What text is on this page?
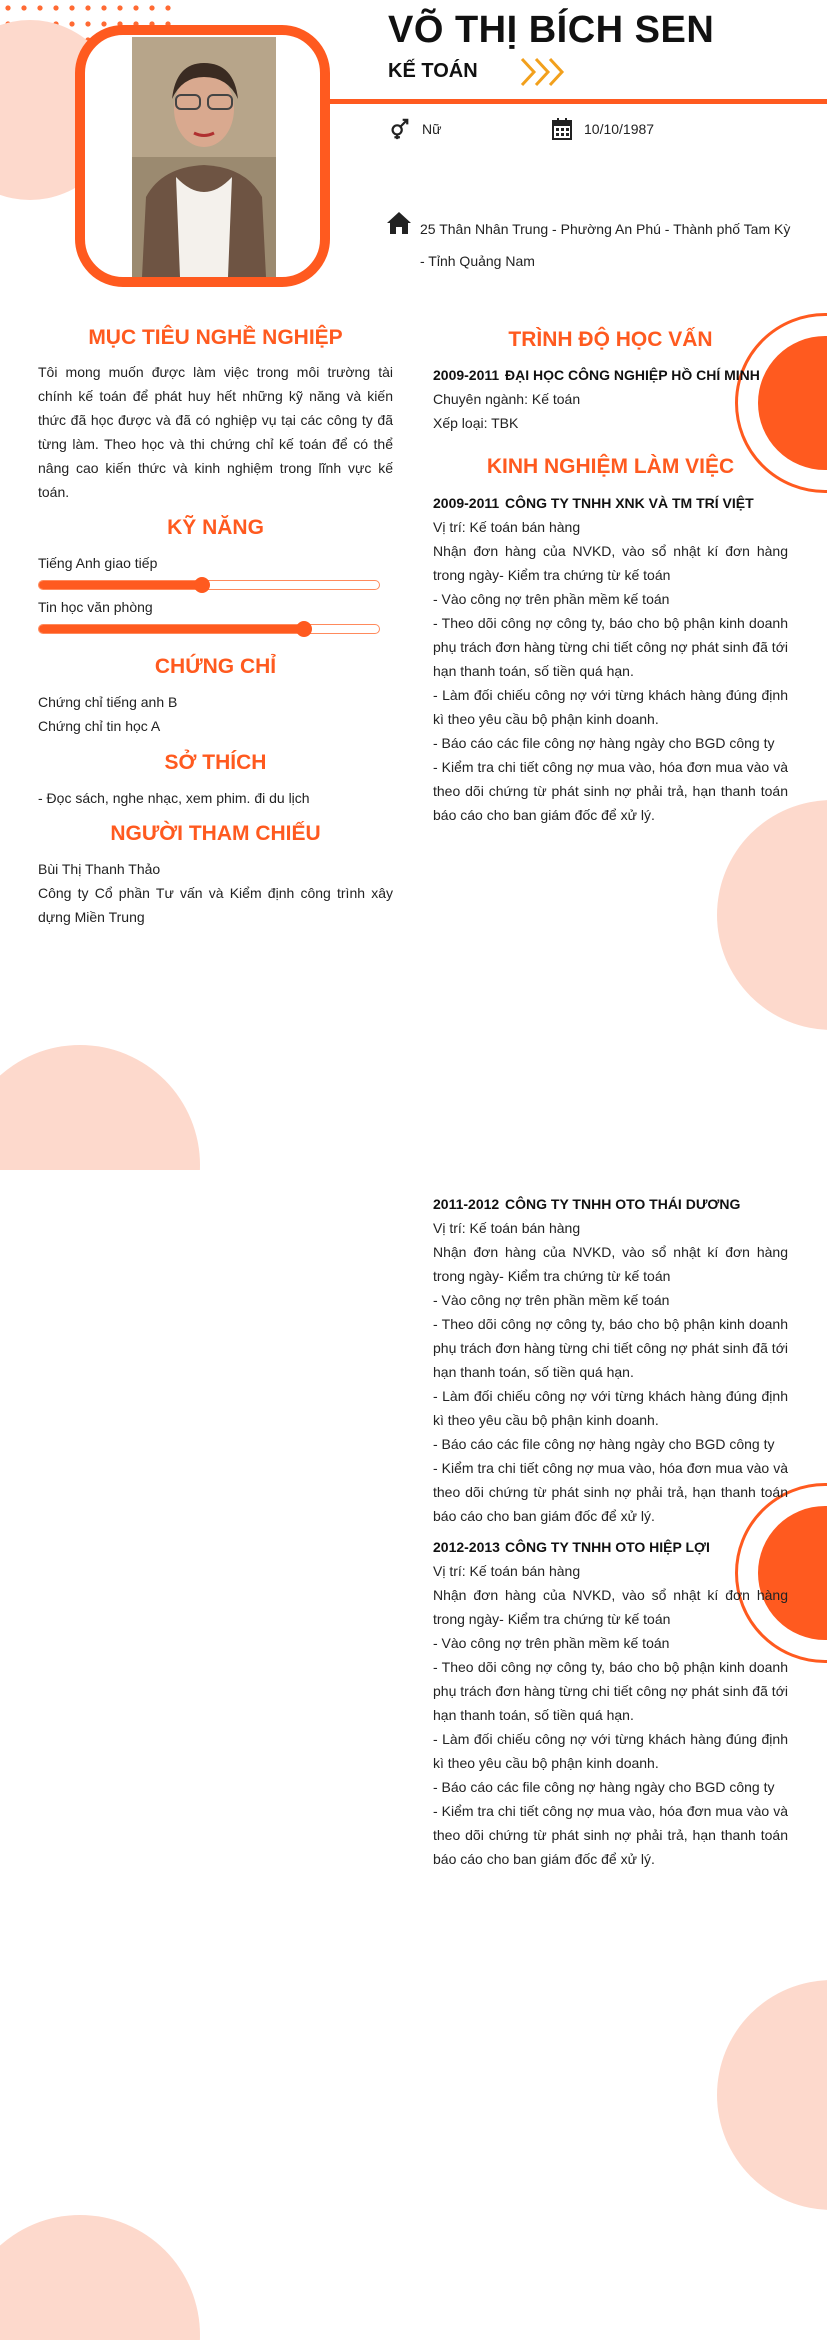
VÕ THỊ BÍCH SEN
KẾ TOÁN
Nữ	10/10/1987
25 Thân Nhân Trung - Phường An Phú - Thành phố Tam Kỳ
- Tỉnh Quảng Nam
MỤC TIÊU NGHỀ NGHIỆP
Tôi mong muốn được làm việc trong môi trường tài chính kế toán để phát huy hết những kỹ năng và kiến thức đã học được và đã có nghiệp vụ tại các công ty đã từng làm. Theo học và thi chứng chỉ kế toán để có thể nâng cao kiến thức và kinh nghiệm trong lĩnh vực kế toán.
KỸ NĂNG
Tiếng Anh giao tiếp
Tin học văn phòng
CHỨNG CHỈ
Chứng chỉ tiếng anh B
Chứng chỉ tin học A
SỞ THÍCH
- Đọc sách, nghe nhạc, xem phim. đi du lịch
NGƯỜI THAM CHIẾU
Bùi Thị Thanh Thảo
Công ty Cổ phần Tư vấn và Kiểm định công trình xây dựng Miền Trung
TRÌNH ĐỘ HỌC VẤN
2009-2011 ĐẠI HỌC CÔNG NGHIỆP HỒ CHÍ MINH
Chuyên ngành: Kế toán
Xếp loại: TBK
KINH NGHIỆM LÀM VIỆC
2009-2011 CÔNG TY TNHH XNK VÀ TM TRÍ VIỆT
Vị trí: Kế toán bán hàng
Nhận đơn hàng của NVKD, vào sổ nhật kí đơn hàng trong ngày- Kiểm tra chứng từ kế toán
- Vào công nợ trên phần mềm kế toán
- Theo dõi công nợ công ty, báo cho bộ phận kinh doanh phụ trách đơn hàng từng chi tiết công nợ phát sinh đã tới hạn thanh toán, số tiền quá hạn.
- Làm đối chiếu công nợ với từng khách hàng đúng định kì theo yêu cầu bộ phận kinh doanh.
- Báo cáo các file công nợ hàng ngày cho BGD công ty
- Kiểm tra chi tiết công nợ mua vào, hóa đơn mua vào và theo dõi chứng từ phát sinh nợ phải trả, hạn thanh toán báo cáo cho ban giám đốc để xử lý.
2011-2012 CÔNG TY TNHH OTO THÁI DƯƠNG
Vị trí: Kế toán bán hàng
Nhận đơn hàng của NVKD, vào sổ nhật kí đơn hàng trong ngày- Kiểm tra chứng từ kế toán
- Vào công nợ trên phần mềm kế toán
- Theo dõi công nợ công ty, báo cho bộ phận kinh doanh phụ trách đơn hàng từng chi tiết công nợ phát sinh đã tới hạn thanh toán, số tiền quá hạn.
- Làm đối chiếu công nợ với từng khách hàng đúng định kì theo yêu cầu bộ phận kinh doanh.
- Báo cáo các file công nợ hàng ngày cho BGD công ty
- Kiểm tra chi tiết công nợ mua vào, hóa đơn mua vào và theo dõi chứng từ phát sinh nợ phải trả, hạn thanh toán báo cáo cho ban giám đốc để xử lý.
2012-2013 CÔNG TY TNHH OTO HIỆP LỢI
Vị trí: Kế toán bán hàng
Nhận đơn hàng của NVKD, vào sổ nhật kí đơn hàng trong ngày- Kiểm tra chứng từ kế toán
- Vào công nợ trên phần mềm kế toán
- Theo dõi công nợ công ty, báo cho bộ phận kinh doanh phụ trách đơn hàng từng chi tiết công nợ phát sinh đã tới hạn thanh toán, số tiền quá hạn.
- Làm đối chiếu công nợ với từng khách hàng đúng định kì theo yêu cầu bộ phận kinh doanh.
- Báo cáo các file công nợ hàng ngày cho BGD công ty
- Kiểm tra chi tiết công nợ mua vào, hóa đơn mua vào và theo dõi chứng từ phát sinh nợ phải trả, hạn thanh toán báo cáo cho ban giám đốc để xử lý.
